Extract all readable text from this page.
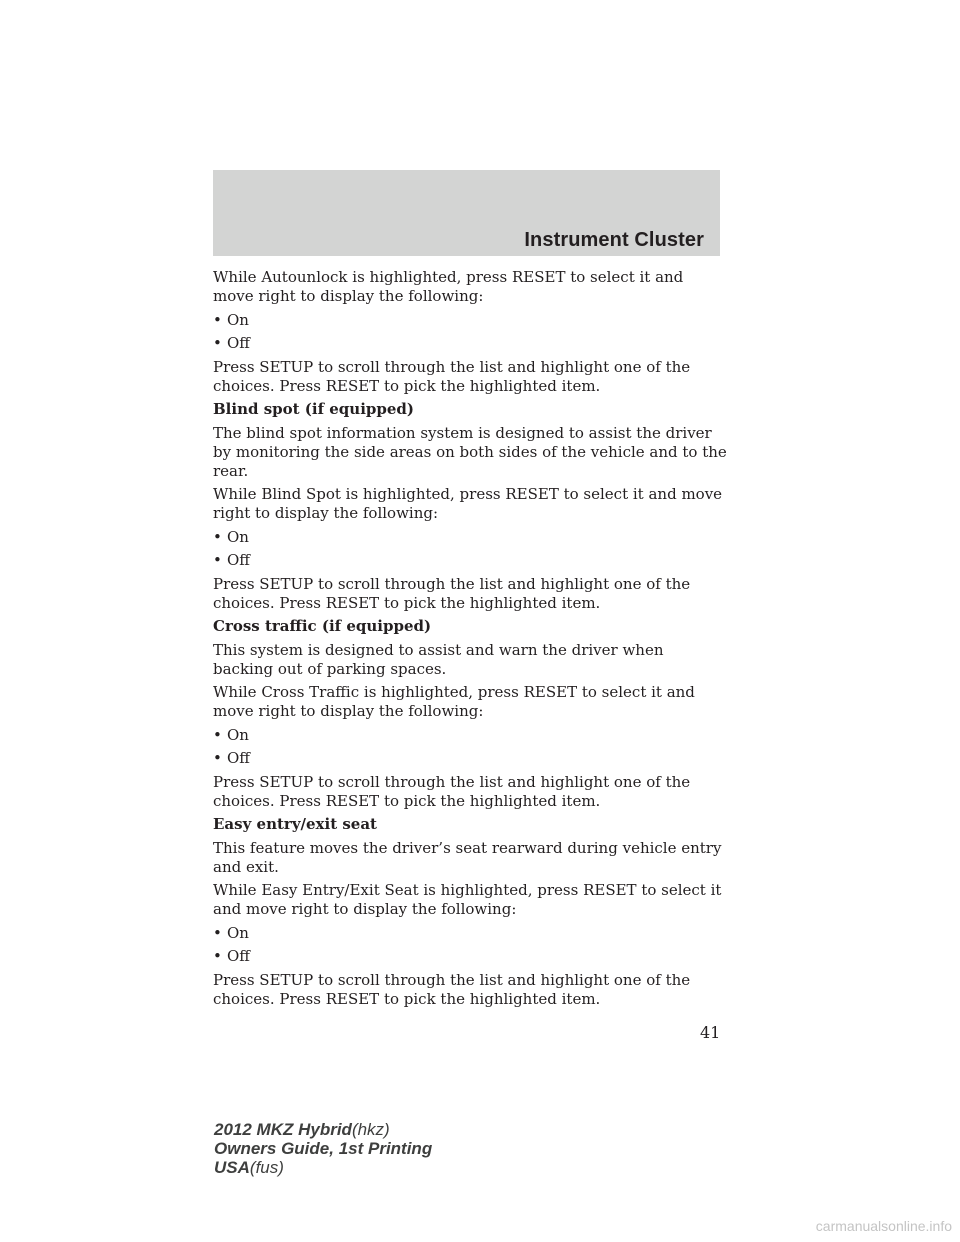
Instrument Cluster

While Autounlock is highlighted, press RESET to select it and move right to display the following:

• On
• Off

Press SETUP to scroll through the list and highlight one of the choices. Press RESET to pick the highlighted item.

Blind spot (if equipped)

The blind spot information system is designed to assist the driver by monitoring the side areas on both sides of the vehicle and to the rear.

While Blind Spot is highlighted, press RESET to select it and move right to display the following:

• On
• Off

Press SETUP to scroll through the list and highlight one of the choices. Press RESET to pick the highlighted item.

Cross traffic (if equipped)

This system is designed to assist and warn the driver when backing out of parking spaces.

While Cross Traffic is highlighted, press RESET to select it and move right to display the following:

• On
• Off

Press SETUP to scroll through the list and highlight one of the choices. Press RESET to pick the highlighted item.

Easy entry/exit seat

This feature moves the driver’s seat rearward during vehicle entry and exit.

While Easy Entry/Exit Seat is highlighted, press RESET to select it and move right to display the following:

• On
• Off

Press SETUP to scroll through the list and highlight one of the choices. Press RESET to pick the highlighted item.

41
2012 MKZ Hybrid(hkz)
Owners Guide, 1st Printing
USA(fus)
carmanualsonline.info
